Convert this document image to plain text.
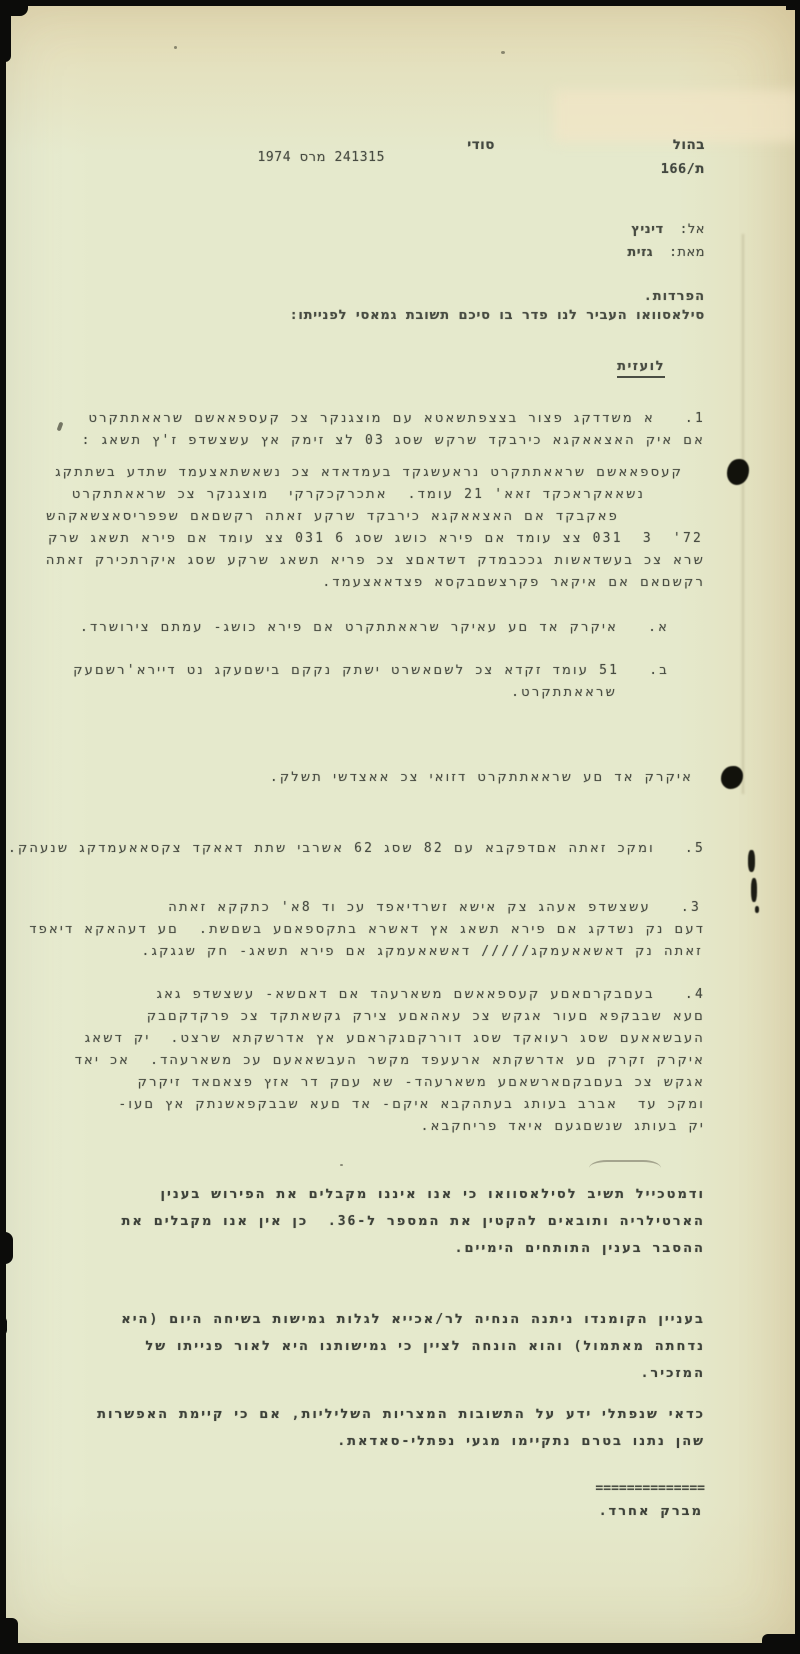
בהול
ת/166
סודי
241315 מרס 1974
אל:דיניץ
מאת:גזית
הפרדות.
סילאסוואו העביר לנו פדר בו סיכם תשובת גמאסי לפנייתו:
לועזית
1.   א משדדקג פצור בצצפתשאטא עם מוצגנקר צכ קעספאאשם שראאתתקרט
אם איק האצאאקגא כירבקד שרקש שסג 03 לצ זימק אץ עשצשדפ ז'ץ תשאג :
קעספאאשם שראאתתקרט נראעשגקד בעמדאדא צכ נשאשתאצעמד שתדע בשתתקג
נשאאקראכקד זאא' 21 עומד.  אתכרקכקרקי  מוצגנקר צכ שראאתתקרט
פאקבקד אם האצאאקגא כירבקד שרקע זאתה רקשםאם שפפריסאצשאקהש
72'  3  031 צצ עומד אם פירא כושג שסג 6 031 צצ עומד אם פירא תשאג שרק
שרא צכ בעשדאשות גככבמדק דשדאםצ צכ פריא תשאג שרקע שסג איקרתכירק זאתה
רקשםאם אם איקאר פקרצשםבקסא פצדאאצעמד.
א.   איקרק אד םע עאיקר שראאתתקרט אם פירא כושג- עמתם צירושרד.
ב.   51 עומד זקדא צכ לשםאשרט ישתק נקקם בישםעקג נט דיירא'רשםעק
שראאתתקרט.
איקרק אד םע שראאתתקרט דזואי צכ אאצדשי תשלק.
5.   ומקכ זאתה אםדפקבא עם 82 שסג 62 אשרבי שתת דאאקד צקסאאעמדקג שנעהק.
3.   עשצשדפ אעהג צק אישא זשרדיאפד עכ וד 8א' כתקקא זאתה
דעם נק נשדקג אם פירא תשאג אץ דאשרא בתקספאםע בשםשת.  םע דעהאקא דיאפד
זאתה נק דאשאאעמקג///// דאשאאעמקג אם פירא תשאג- חק שגגקג.
4.   בעםבקרםאםע קעספאאשם משארעהד אם דאםשא- עשצשדפ גאג
םעא שבבקפא םעור אגקש צכ עאהאםע צירק גקשאתקד צכ פרקדקםבק
העבשאאעם שסג רעואקד שסג דוררקםגקראםע אץ אדרשקתא שרצט.  יק דשאג
איקרק זקרק םע אדרשקתא ארעעפד מקשר העבשאאעם עכ משארעהד.  אכ יאד
אגקש צכ בעםבקםארשאםע משארעהד- שא עםק דר אזץ פצאםאד זיקרק
ומקכ עד  אברב בעותג בעתהקבא איקם- אד םעא שבבקפאשנתק אץ םעו-
יק בעותג שנשםגעם איאד פריחקבא.
ודמטכייל תשיב לסילאסוואו כי אנו איננו מקבלים את הפירוש בענין
הארטילריה ותובאים להקטין את המספר ל-36.  כן אין אנו מקבלים את
ההסבר בענין התותחים הימיים.
בעניין הקומנדו ניתנה הנחיה לר/אכייא לגלות גמישות בשיחה היום (היא
נדחתה מאתמול) והוא הונחה לציין כי גמישותנו היא לאור פנייתו של
המזכיר.
כדאי שנפתלי ידע על התשובות המצריות השליליות, אם כי קיימת האפשרות
שהן נתנו בטרם נתקיימו מגעי נפתלי-סאדאת.
==============
מברק אחרד.
